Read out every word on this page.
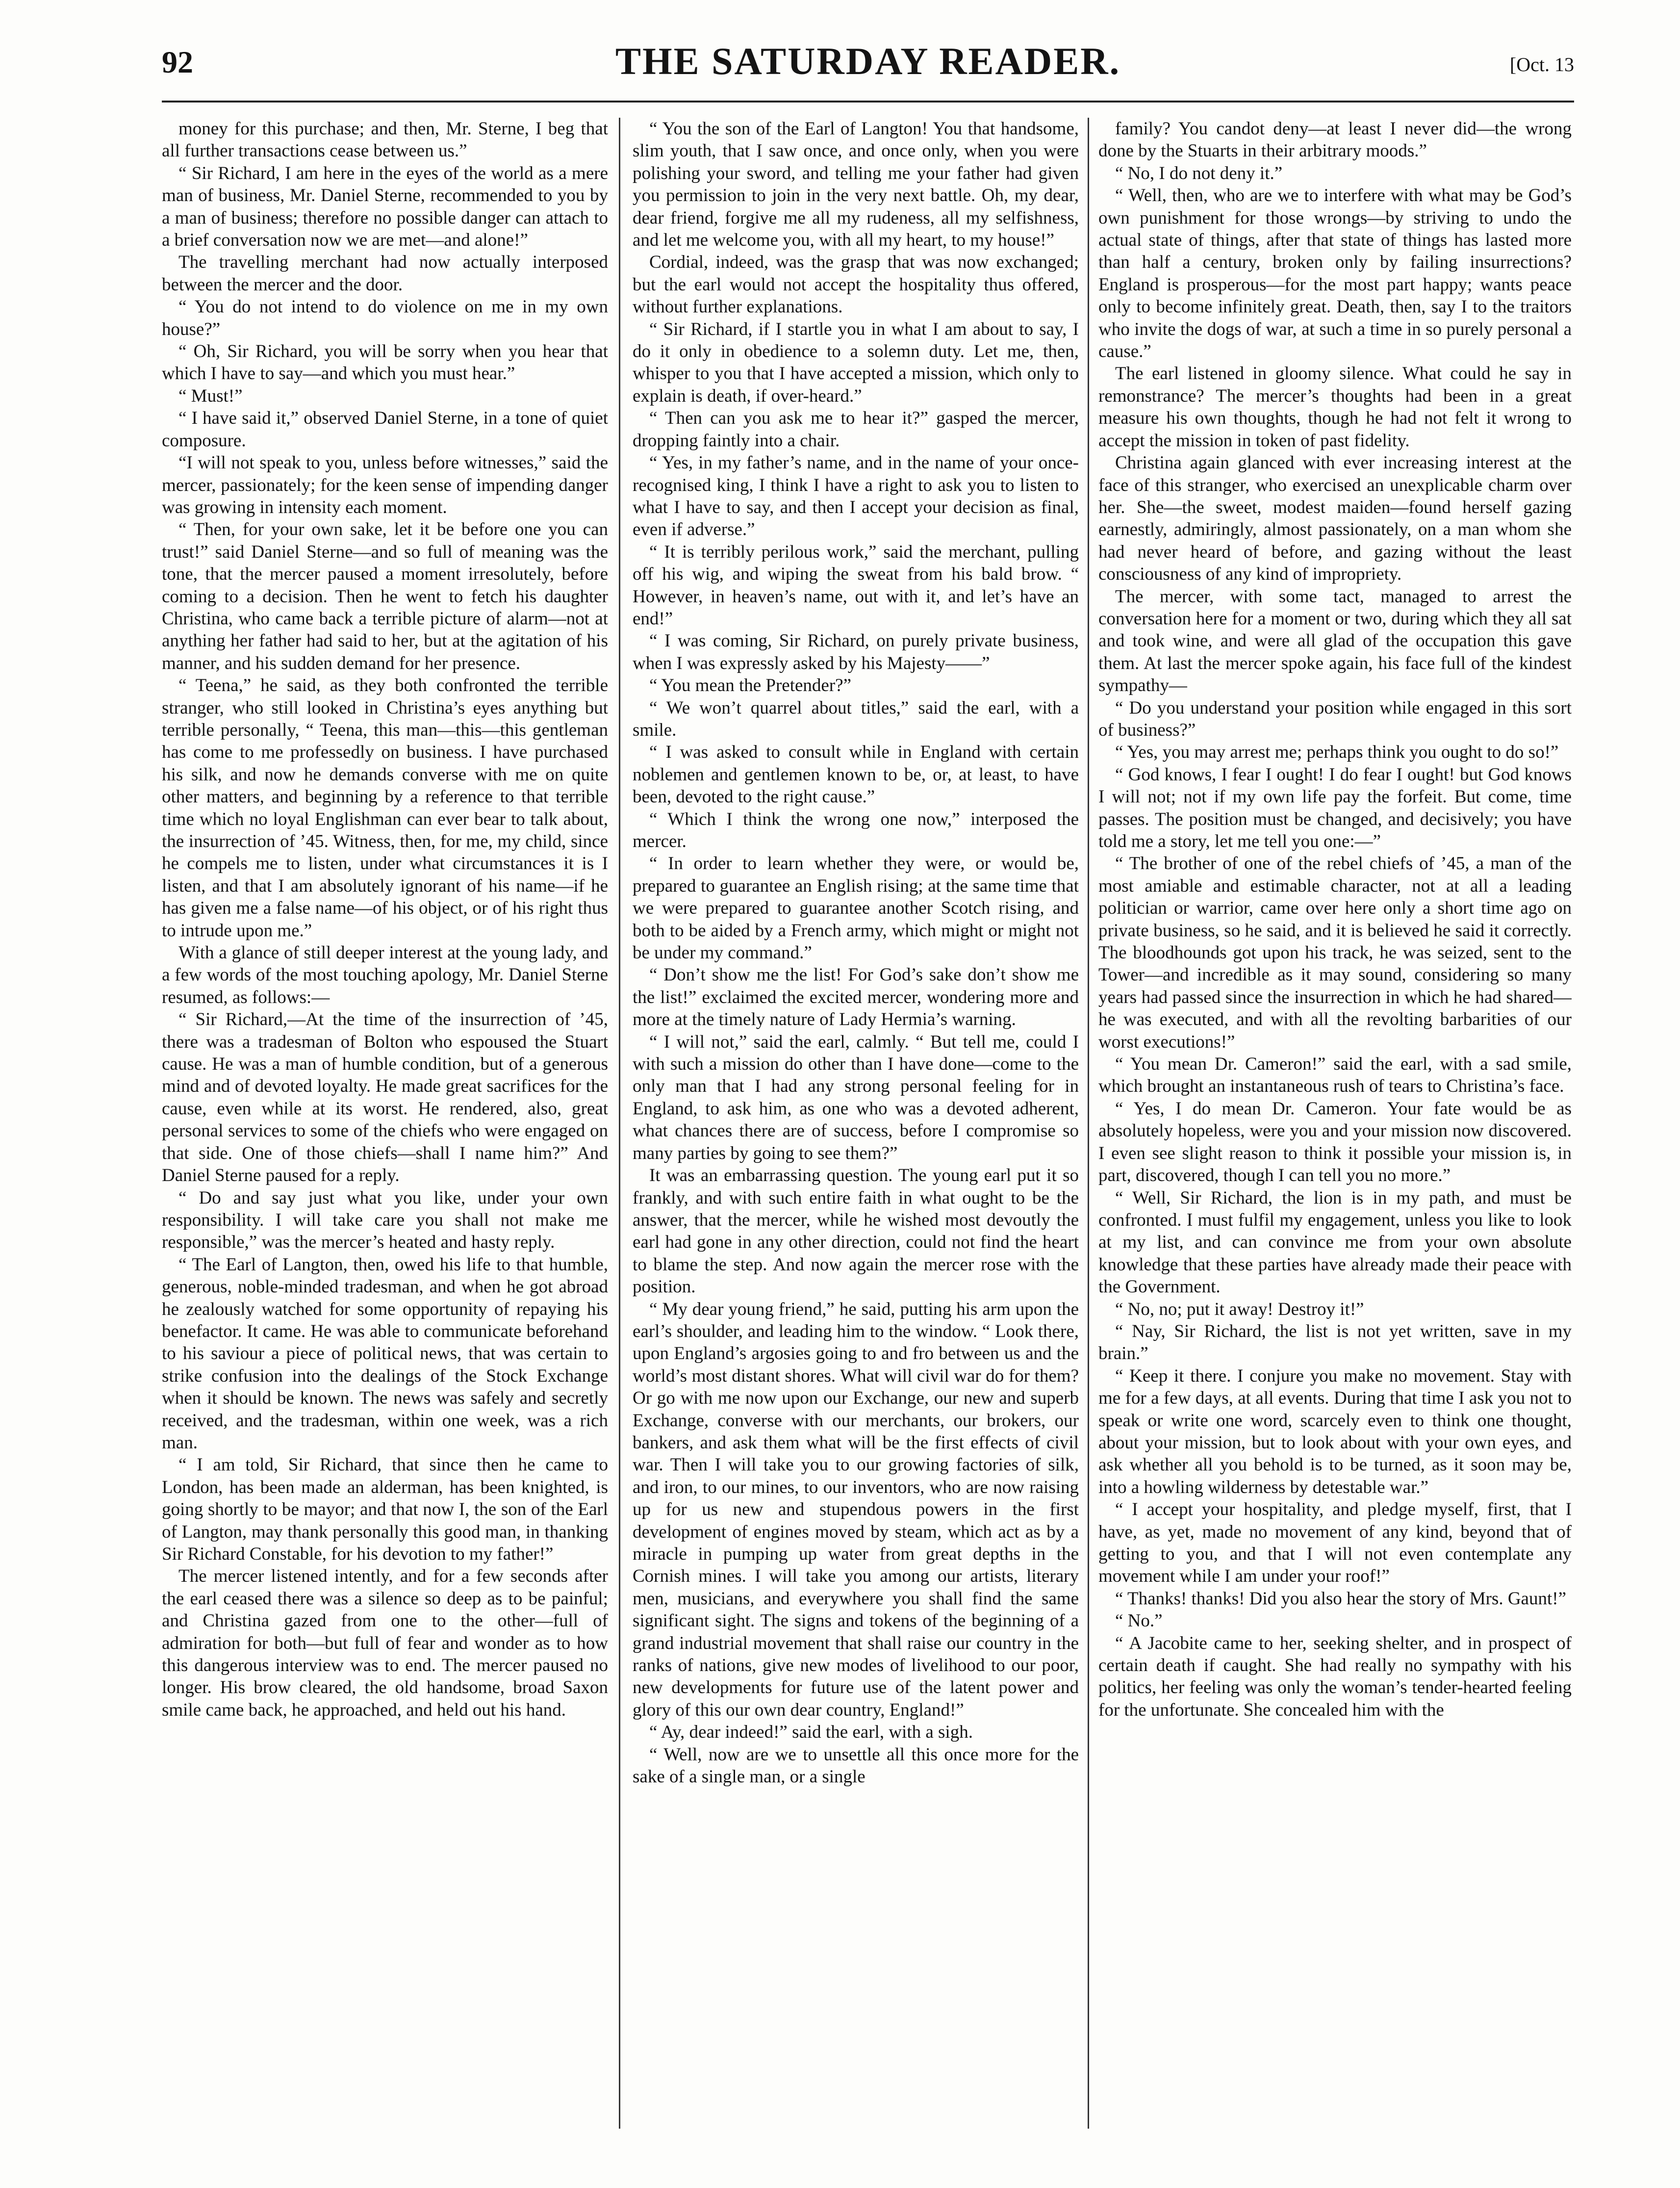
92	THE SATURDAY READER.	[Oct. 13

money for this purchase; and then, Mr. Sterne, I beg that all further transactions cease between us.”

“ Sir Richard, I am here in the eyes of the world as a mere man of business, Mr. Daniel Sterne, recommended to you by a man of business; therefore no possible danger can attach to a brief conversation now we are met—and alone!”

The travelling merchant had now actually interposed between the mercer and the door.

“ You do not intend to do violence on me in my own house?”

“ Oh, Sir Richard, you will be sorry when you hear that which I have to say—and which you must hear.”

“ Must!”

“ I have said it,” observed Daniel Sterne, in a tone of quiet composure.

“I will not speak to you, unless before witnesses,” said the mercer, passionately; for the keen sense of impending danger was growing in intensity each moment.

“ Then, for your own sake, let it be before one you can trust!” said Daniel Sterne—and so full of meaning was the tone, that the mercer paused a moment irresolutely, before coming to a decision. Then he went to fetch his daughter Christina, who came back a terrible picture of alarm—not at anything her father had said to her, but at the agitation of his manner, and his sudden demand for her presence.

“ Teena,” he said, as they both confronted the terrible stranger, who still looked in Christina’s eyes anything but terrible personally, “ Teena, this man—this—this gentleman has come to me professedly on business. I have purchased his silk, and now he demands converse with me on quite other matters, and beginning by a reference to that terrible time which no loyal Englishman can ever bear to talk about, the insurrection of ’45. Witness, then, for me, my child, since he compels me to listen, under what circumstances it is I listen, and that I am absolutely ignorant of his name—if he has given me a false name—of his object, or of his right thus to intrude upon me.”

With a glance of still deeper interest at the young lady, and a few words of the most touching apology, Mr. Daniel Sterne resumed, as follows:—

“ Sir Richard,—At the time of the insurrection of ’45, there was a tradesman of Bolton who espoused the Stuart cause. He was a man of humble condition, but of a generous mind and of devoted loyalty. He made great sacrifices for the cause, even while at its worst. He rendered, also, great personal services to some of the chiefs who were engaged on that side. One of those chiefs—shall I name him?” And Daniel Sterne paused for a reply.

“ Do and say just what you like, under your own responsibility. I will take care you shall not make me responsible,” was the mercer’s heated and hasty reply.

“ The Earl of Langton, then, owed his life to that humble, generous, noble-minded tradesman, and when he got abroad he zealously watched for some opportunity of repaying his benefactor. It came. He was able to communicate beforehand to his saviour a piece of political news, that was certain to strike confusion into the dealings of the Stock Exchange when it should be known. The news was safely and secretly received, and the tradesman, within one week, was a rich man.

“ I am told, Sir Richard, that since then he came to London, has been made an alderman, has been knighted, is going shortly to be mayor; and that now I, the son of the Earl of Langton, may thank personally this good man, in thanking Sir Richard Constable, for his devotion to my father!”

The mercer listened intently, and for a few seconds after the earl ceased there was a silence so deep as to be painful; and Christina gazed from one to the other—full of admiration for both—but full of fear and wonder as to how this dangerous interview was to end. The mercer paused no longer. His brow cleared, the old handsome, broad Saxon smile came back, he approached, and held out his hand.

“ You the son of the Earl of Langton! You that handsome, slim youth, that I saw once, and once only, when you were polishing your sword, and telling me your father had given you permission to join in the very next battle. Oh, my dear, dear friend, forgive me all my rudeness, all my selfishness, and let me welcome you, with all my heart, to my house!”

Cordial, indeed, was the grasp that was now exchanged; but the earl would not accept the hospitality thus offered, without further explanations.

“ Sir Richard, if I startle you in what I am about to say, I do it only in obedience to a solemn duty. Let me, then, whisper to you that I have accepted a mission, which only to explain is death, if over-heard.”

“ Then can you ask me to hear it?” gasped the mercer, dropping faintly into a chair.

“ Yes, in my father’s name, and in the name of your once-recognised king, I think I have a right to ask you to listen to what I have to say, and then I accept your decision as final, even if adverse.”

“ It is terribly perilous work,” said the merchant, pulling off his wig, and wiping the sweat from his bald brow. “ However, in heaven’s name, out with it, and let’s have an end!”

“ I was coming, Sir Richard, on purely private business, when I was expressly asked by his Majesty——”

“ You mean the Pretender?”

“ We won’t quarrel about titles,” said the earl, with a smile.

“ I was asked to consult while in England with certain noblemen and gentlemen known to be, or, at least, to have been, devoted to the right cause.”

“ Which I think the wrong one now,” interposed the mercer.

“ In order to learn whether they were, or would be, prepared to guarantee an English rising; at the same time that we were prepared to guarantee another Scotch rising, and both to be aided by a French army, which might or might not be under my command.”

“ Don’t show me the list! For God’s sake don’t show me the list!” exclaimed the excited mercer, wondering more and more at the timely nature of Lady Hermia’s warning.

“ I will not,” said the earl, calmly. “ But tell me, could I with such a mission do other than I have done—come to the only man that I had any strong personal feeling for in England, to ask him, as one who was a devoted adherent, what chances there are of success, before I compromise so many parties by going to see them?”

It was an embarrassing question. The young earl put it so frankly, and with such entire faith in what ought to be the answer, that the mercer, while he wished most devoutly the earl had gone in any other direction, could not find the heart to blame the step. And now again the mercer rose with the position.

“ My dear young friend,” he said, putting his arm upon the earl’s shoulder, and leading him to the window. “ Look there, upon England’s argosies going to and fro between us and the world’s most distant shores. What will civil war do for them? Or go with me now upon our Exchange, our new and superb Exchange, converse with our merchants, our brokers, our bankers, and ask them what will be the first effects of civil war. Then I will take you to our growing factories of silk, and iron, to our mines, to our inventors, who are now raising up for us new and stupendous powers in the first development of engines moved by steam, which act as by a miracle in pumping up water from great depths in the Cornish mines. I will take you among our artists, literary men, musicians, and everywhere you shall find the same significant sight. The signs and tokens of the beginning of a grand industrial movement that shall raise our country in the ranks of nations, give new modes of livelihood to our poor, new developments for future use of the latent power and glory of this our own dear country, England!”

“ Ay, dear indeed!” said the earl, with a sigh.

“ Well, now are we to unsettle all this once more for the sake of a single man, or a single

family? You candot deny—at least I never did—the wrong done by the Stuarts in their arbitrary moods.”

“ No, I do not deny it.”

“ Well, then, who are we to interfere with what may be God’s own punishment for those wrongs—by striving to undo the actual state of things, after that state of things has lasted more than half a century, broken only by failing insurrections? England is prosperous—for the most part happy; wants peace only to become infinitely great. Death, then, say I to the traitors who invite the dogs of war, at such a time in so purely personal a cause.”

The earl listened in gloomy silence. What could he say in remonstrance? The mercer’s thoughts had been in a great measure his own thoughts, though he had not felt it wrong to accept the mission in token of past fidelity.

Christina again glanced with ever increasing interest at the face of this stranger, who exercised an unexplicable charm over her. She—the sweet, modest maiden—found herself gazing earnestly, admiringly, almost passionately, on a man whom she had never heard of before, and gazing without the least consciousness of any kind of impropriety.

The mercer, with some tact, managed to arrest the conversation here for a moment or two, during which they all sat and took wine, and were all glad of the occupation this gave them. At last the mercer spoke again, his face full of the kindest sympathy—

“ Do you understand your position while engaged in this sort of business?”

“ Yes, you may arrest me; perhaps think you ought to do so!”

“ God knows, I fear I ought! I do fear I ought! but God knows I will not; not if my own life pay the forfeit. But come, time passes. The position must be changed, and decisively; you have told me a story, let me tell you one:—”

“ The brother of one of the rebel chiefs of ’45, a man of the most amiable and estimable character, not at all a leading politician or warrior, came over here only a short time ago on private business, so he said, and it is believed he said it correctly. The bloodhounds got upon his track, he was seized, sent to the Tower—and incredible as it may sound, considering so many years had passed since the insurrection in which he had shared—he was executed, and with all the revolting barbarities of our worst executions!”

“ You mean Dr. Cameron!” said the earl, with a sad smile, which brought an instantaneous rush of tears to Christina’s face.

“ Yes, I do mean Dr. Cameron. Your fate would be as absolutely hopeless, were you and your mission now discovered. I even see slight reason to think it possible your mission is, in part, discovered, though I can tell you no more.”

“ Well, Sir Richard, the lion is in my path, and must be confronted. I must fulfil my engagement, unless you like to look at my list, and can convince me from your own absolute knowledge that these parties have already made their peace with the Government.

“ No, no; put it away! Destroy it!”

“ Nay, Sir Richard, the list is not yet written, save in my brain.”

“ Keep it there. I conjure you make no movement. Stay with me for a few days, at all events. During that time I ask you not to speak or write one word, scarcely even to think one thought, about your mission, but to look about with your own eyes, and ask whether all you behold is to be turned, as it soon may be, into a howling wilderness by detestable war.”

“ I accept your hospitality, and pledge myself, first, that I have, as yet, made no movement of any kind, beyond that of getting to you, and that I will not even contemplate any movement while I am under your roof!”

“ Thanks! thanks! Did you also hear the story of Mrs. Gaunt!”

“ No.”

“ A Jacobite came to her, seeking shelter, and in prospect of certain death if caught. She had really no sympathy with his politics, her feeling was only the woman’s tender-hearted feeling for the unfortunate. She concealed him with the
